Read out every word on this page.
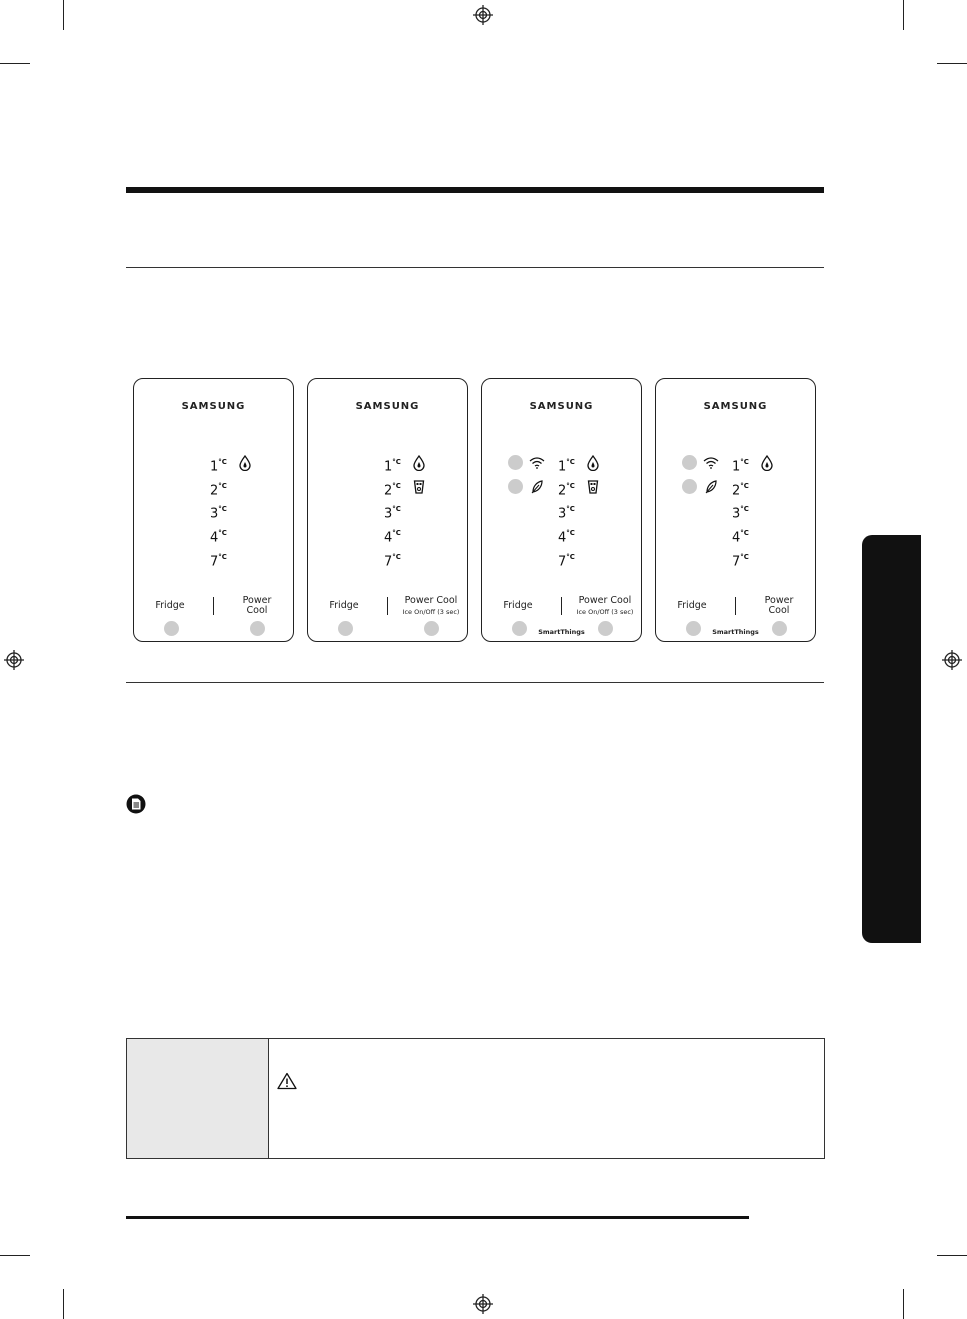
SAMSUNG
$1^{^\circ C}$
$2^{^\circ C}$
$3^{^\circ C}$
$4^{^\circ C}$
$7^{^\circ C}$
Fridge	Power
Cool
SAMSUNG
$1^{^\circ C}$
$2^{^\circ C}$
$3^{^\circ C}$
$4^{^\circ C}$
$7^{^\circ C}$
Fridge	Power Cool
Ice On/Off (3 sec)
SAMSUNG
$1^{^\circ C}$
$2^{^\circ C}$
$3^{^\circ C}$
$4^{^\circ C}$
$7^{^\circ C}$
Fridge	Power Cool
Ice On/Off (3 sec)
SmartThings
SAMSUNG
$1^{^\circ C}$
$2^{^\circ C}$
$3^{^\circ C}$
$4^{^\circ C}$
$7^{^\circ C}$
Fridge	Power
Cool
SmartThings
